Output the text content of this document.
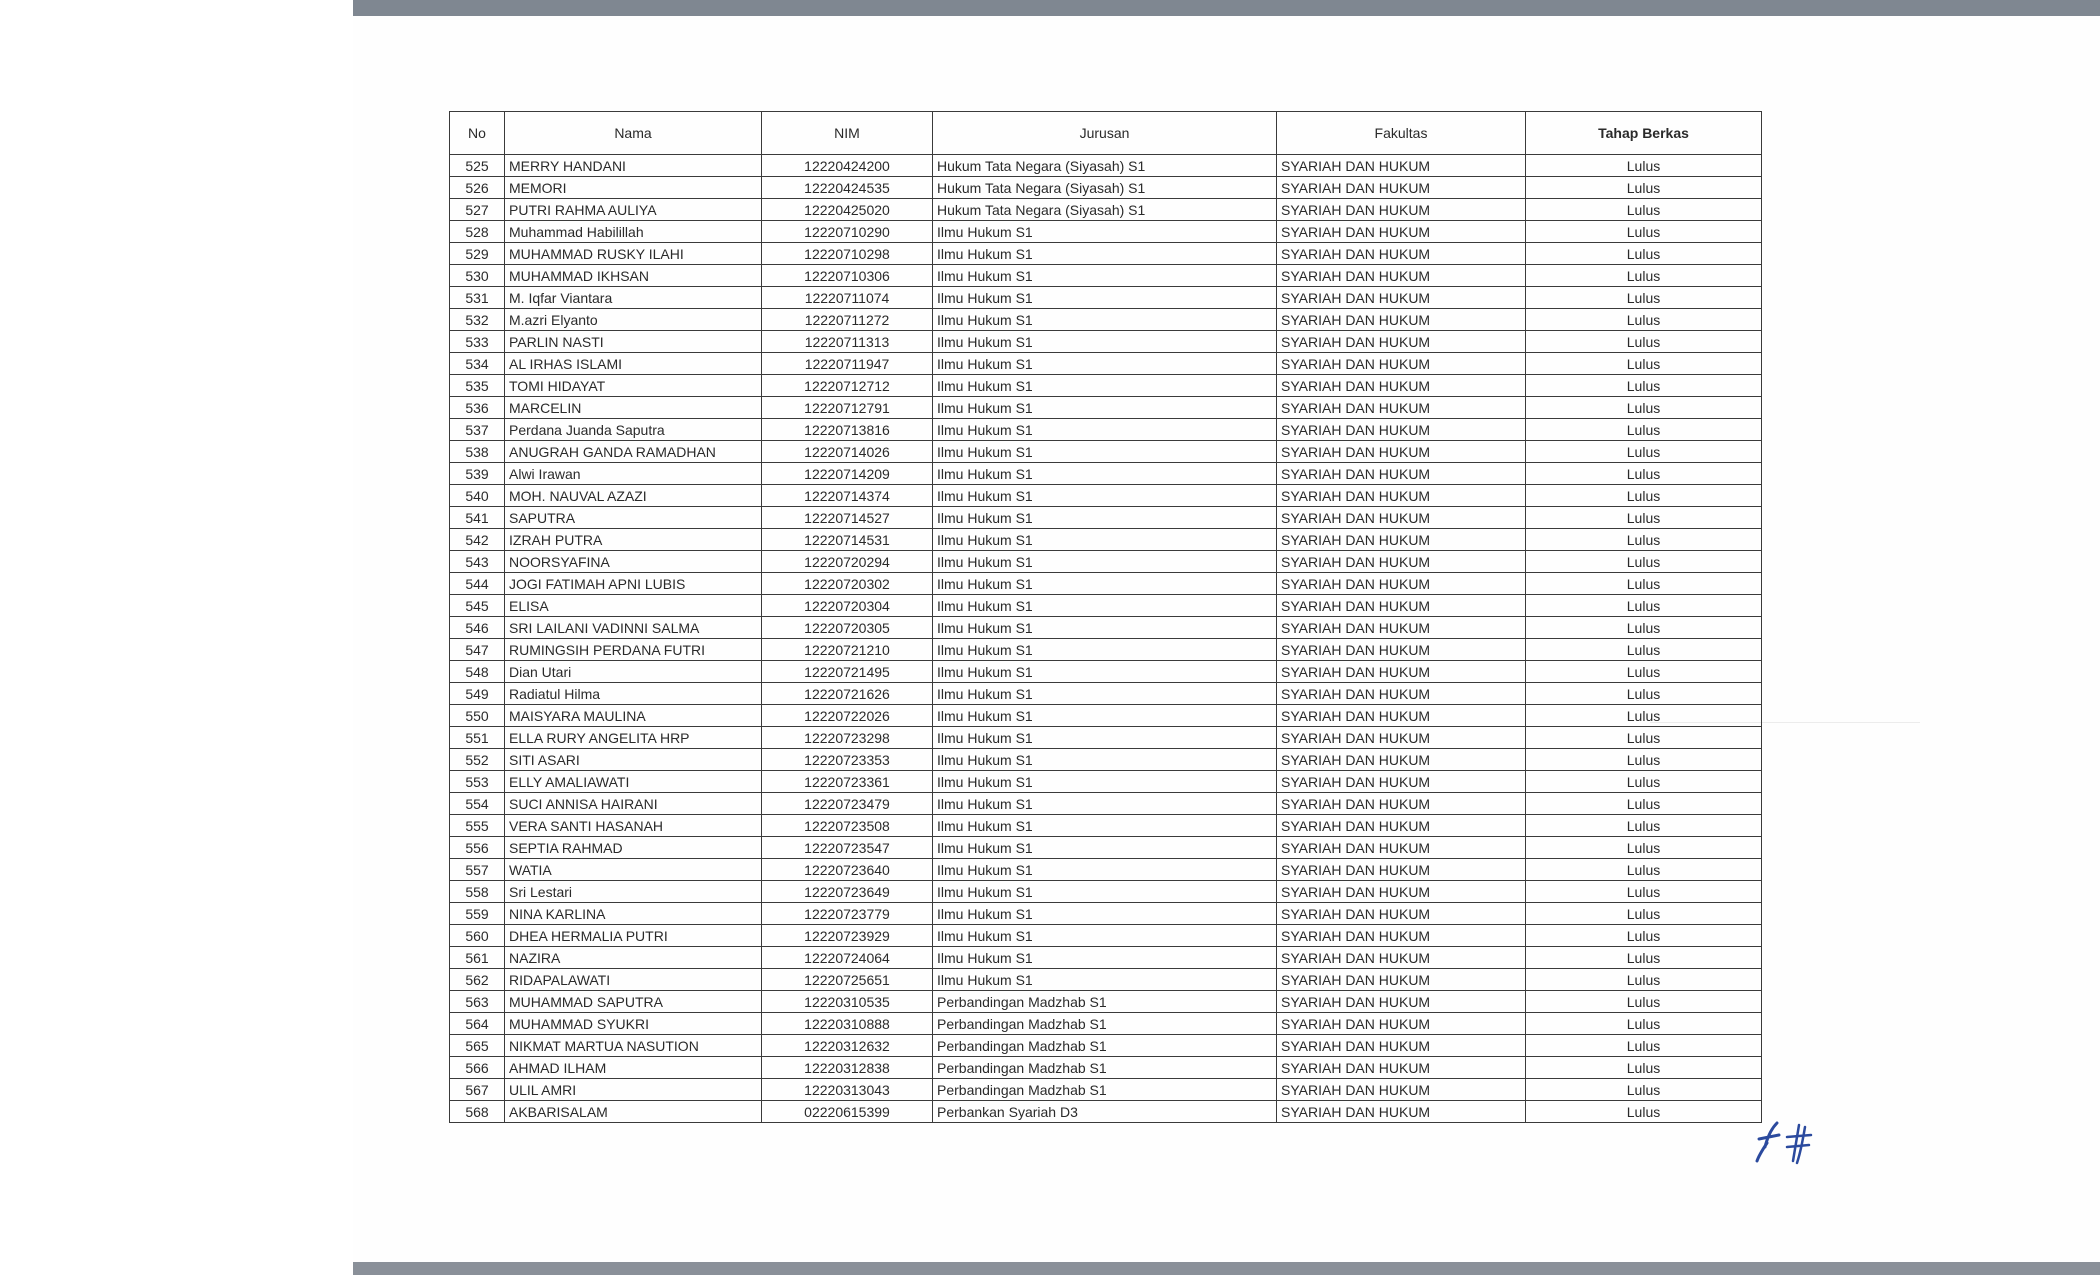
No	Nama	NIM	Jurusan	Fakultas	Tahap Berkas
525	MERRY HANDANI	12220424200	Hukum Tata Negara (Siyasah) S1	SYARIAH DAN HUKUM	Lulus
526	MEMORI	12220424535	Hukum Tata Negara (Siyasah) S1	SYARIAH DAN HUKUM	Lulus
527	PUTRI RAHMA AULIYA	12220425020	Hukum Tata Negara (Siyasah) S1	SYARIAH DAN HUKUM	Lulus
528	Muhammad Habilillah	12220710290	Ilmu Hukum S1	SYARIAH DAN HUKUM	Lulus
529	MUHAMMAD RUSKY ILAHI	12220710298	Ilmu Hukum S1	SYARIAH DAN HUKUM	Lulus
530	MUHAMMAD IKHSAN	12220710306	Ilmu Hukum S1	SYARIAH DAN HUKUM	Lulus
531	M. Iqfar Viantara	12220711074	Ilmu Hukum S1	SYARIAH DAN HUKUM	Lulus
532	M.azri Elyanto	12220711272	Ilmu Hukum S1	SYARIAH DAN HUKUM	Lulus
533	PARLIN NASTI	12220711313	Ilmu Hukum S1	SYARIAH DAN HUKUM	Lulus
534	AL IRHAS ISLAMI	12220711947	Ilmu Hukum S1	SYARIAH DAN HUKUM	Lulus
535	TOMI HIDAYAT	12220712712	Ilmu Hukum S1	SYARIAH DAN HUKUM	Lulus
536	MARCELIN	12220712791	Ilmu Hukum S1	SYARIAH DAN HUKUM	Lulus
537	Perdana Juanda Saputra	12220713816	Ilmu Hukum S1	SYARIAH DAN HUKUM	Lulus
538	ANUGRAH GANDA RAMADHAN	12220714026	Ilmu Hukum S1	SYARIAH DAN HUKUM	Lulus
539	Alwi Irawan	12220714209	Ilmu Hukum S1	SYARIAH DAN HUKUM	Lulus
540	MOH. NAUVAL AZAZI	12220714374	Ilmu Hukum S1	SYARIAH DAN HUKUM	Lulus
541	SAPUTRA	12220714527	Ilmu Hukum S1	SYARIAH DAN HUKUM	Lulus
542	IZRAH PUTRA	12220714531	Ilmu Hukum S1	SYARIAH DAN HUKUM	Lulus
543	NOORSYAFINA	12220720294	Ilmu Hukum S1	SYARIAH DAN HUKUM	Lulus
544	JOGI FATIMAH APNI LUBIS	12220720302	Ilmu Hukum S1	SYARIAH DAN HUKUM	Lulus
545	ELISA	12220720304	Ilmu Hukum S1	SYARIAH DAN HUKUM	Lulus
546	SRI LAILANI VADINNI SALMA	12220720305	Ilmu Hukum S1	SYARIAH DAN HUKUM	Lulus
547	RUMINGSIH PERDANA FUTRI	12220721210	Ilmu Hukum S1	SYARIAH DAN HUKUM	Lulus
548	Dian Utari	12220721495	Ilmu Hukum S1	SYARIAH DAN HUKUM	Lulus
549	Radiatul Hilma	12220721626	Ilmu Hukum S1	SYARIAH DAN HUKUM	Lulus
550	MAISYARA MAULINA	12220722026	Ilmu Hukum S1	SYARIAH DAN HUKUM	Lulus
551	ELLA RURY ANGELITA HRP	12220723298	Ilmu Hukum S1	SYARIAH DAN HUKUM	Lulus
552	SITI ASARI	12220723353	Ilmu Hukum S1	SYARIAH DAN HUKUM	Lulus
553	ELLY AMALIAWATI	12220723361	Ilmu Hukum S1	SYARIAH DAN HUKUM	Lulus
554	SUCI ANNISA HAIRANI	12220723479	Ilmu Hukum S1	SYARIAH DAN HUKUM	Lulus
555	VERA SANTI HASANAH	12220723508	Ilmu Hukum S1	SYARIAH DAN HUKUM	Lulus
556	SEPTIA RAHMAD	12220723547	Ilmu Hukum S1	SYARIAH DAN HUKUM	Lulus
557	WATIA	12220723640	Ilmu Hukum S1	SYARIAH DAN HUKUM	Lulus
558	Sri Lestari	12220723649	Ilmu Hukum S1	SYARIAH DAN HUKUM	Lulus
559	NINA KARLINA	12220723779	Ilmu Hukum S1	SYARIAH DAN HUKUM	Lulus
560	DHEA HERMALIA PUTRI	12220723929	Ilmu Hukum S1	SYARIAH DAN HUKUM	Lulus
561	NAZIRA	12220724064	Ilmu Hukum S1	SYARIAH DAN HUKUM	Lulus
562	RIDAPALAWATI	12220725651	Ilmu Hukum S1	SYARIAH DAN HUKUM	Lulus
563	MUHAMMAD SAPUTRA	12220310535	Perbandingan Madzhab S1	SYARIAH DAN HUKUM	Lulus
564	MUHAMMAD SYUKRI	12220310888	Perbandingan Madzhab S1	SYARIAH DAN HUKUM	Lulus
565	NIKMAT MARTUA NASUTION	12220312632	Perbandingan Madzhab S1	SYARIAH DAN HUKUM	Lulus
566	AHMAD ILHAM	12220312838	Perbandingan Madzhab S1	SYARIAH DAN HUKUM	Lulus
567	ULIL AMRI	12220313043	Perbandingan Madzhab S1	SYARIAH DAN HUKUM	Lulus
568	AKBARISALAM	02220615399	Perbankan Syariah D3	SYARIAH DAN HUKUM	Lulus
